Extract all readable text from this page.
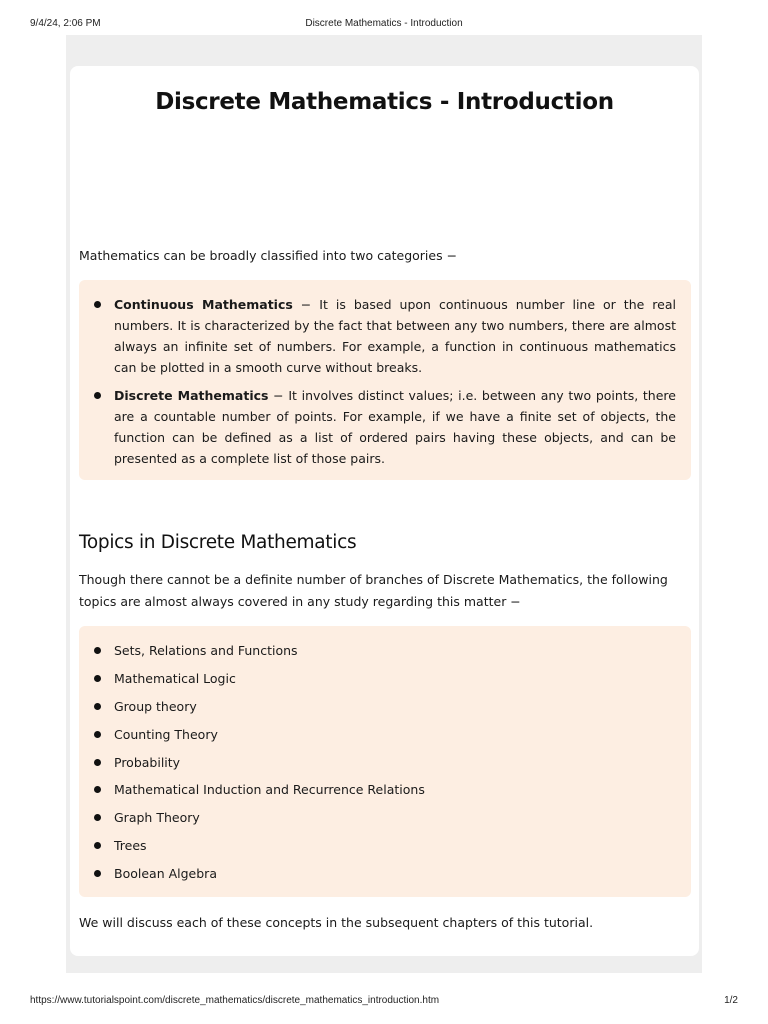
9/4/24, 2:06 PM	Discrete Mathematics - Introduction
Discrete Mathematics - Introduction

Mathematics can be broadly classified into two categories −

Continuous Mathematics − It is based upon continuous number line or the real numbers. It is characterized by the fact that between any two numbers, there are almost always an infinite set of numbers. For example, a function in continuous mathematics can be plotted in a smooth curve without breaks.
Discrete Mathematics − It involves distinct values; i.e. between any two points, there are a countable number of points. For example, if we have a finite set of objects, the function can be defined as a list of ordered pairs having these objects, and can be presented as a complete list of those pairs.
Topics in Discrete Mathematics

Though there cannot be a definite number of branches of Discrete Mathematics, the following topics are almost always covered in any study regarding this matter −

Sets, Relations and Functions
Mathematical Logic
Group theory
Counting Theory
Probability
Mathematical Induction and Recurrence Relations
Graph Theory
Trees
Boolean Algebra

We will discuss each of these concepts in the subsequent chapters of this tutorial.

https://www.tutorialspoint.com/discrete_mathematics/discrete_mathematics_introduction.htm	1/2
